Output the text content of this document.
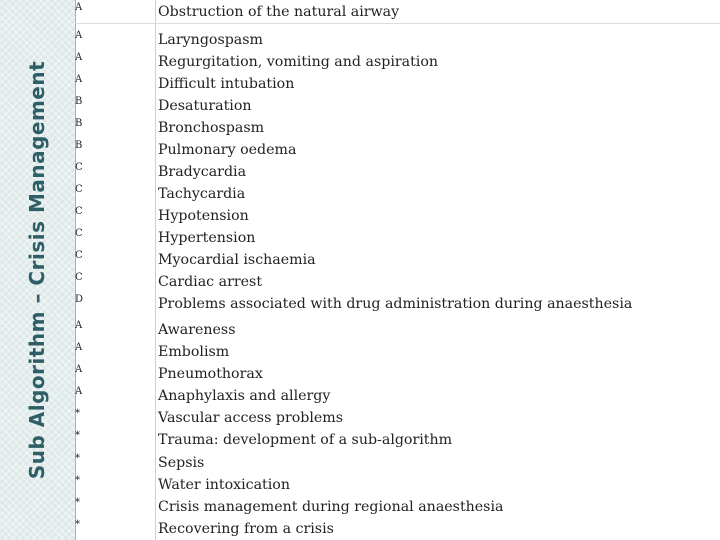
Sub Algorithm – Crisis Management
A	Obstruction of the natural airway
A	Laryngospasm
A	Regurgitation, vomiting and aspiration
A	Difficult intubation
B	Desaturation
B	Bronchospasm
B	Pulmonary oedema
C	Bradycardia
C	Tachycardia
C	Hypotension
C	Hypertension
C	Myocardial ischaemia
C	Cardiac arrest
D	Problems associated with drug administration during anaesthesia
A	Awareness
A	Embolism
A	Pneumothorax
A	Anaphylaxis and allergy
*	Vascular access problems
*	Trauma: development of a sub-algorithm
*	Sepsis
*	Water intoxication
*	Crisis management during regional anaesthesia
*	Recovering from a crisis
